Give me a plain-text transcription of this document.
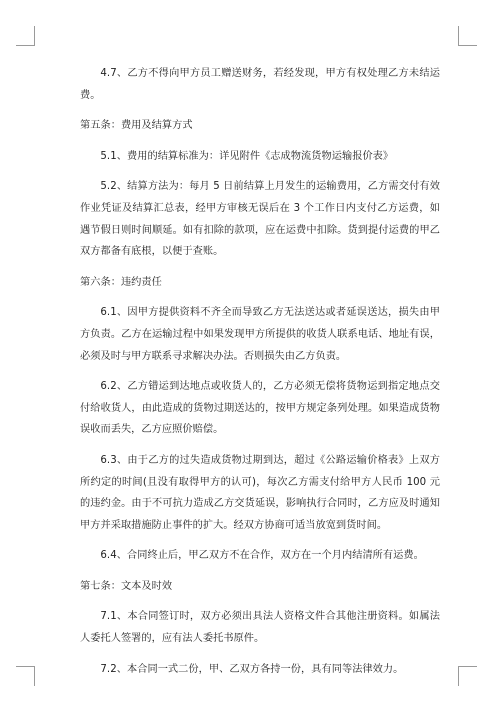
4.7、乙方不得向甲方员工赠送财务，若经发现，甲方有权处理乙方未结运费。

第五条：费用及结算方式

5.1、费用的结算标准为：详见附件《志成物流货物运输报价表》

5.2、结算方法为：每月 5 日前结算上月发生的运输费用，乙方需交付有效作业凭证及结算汇总表，经甲方审核无误后在 3 个工作日内支付乙方运费，如遇节假日则时间顺延。如有扣除的款项，应在运费中扣除。货到提付运费的甲乙双方都备有底根，以便于查账。

第六条：违约责任

6.1、因甲方提供资料不齐全而导致乙方无法送达或者延误送达，损失由甲方负责。乙方在运输过程中如果发现甲方所提供的收货人联系电话、地址有误，必须及时与甲方联系寻求解决办法。否则损失由乙方负责。

6.2、乙方错运到达地点或收货人的，乙方必须无偿将货物运到指定地点交付给收货人，由此造成的货物过期送达的，按甲方规定条列处理。如果造成货物误收而丢失，乙方应照价赔偿。

6.3、由于乙方的过失造成货物过期到达，超过《公路运输价格表》上双方所约定的时间(且没有取得甲方的认可)，每次乙方需支付给甲方人民币 100 元的违约金。由于不可抗力造成乙方交货延误，影响执行合同时，乙方应及时通知甲方并采取措施防止事件的扩大。经双方协商可适当放宽到货时间。

6.4、合同终止后，甲乙双方不在合作，双方在一个月内结清所有运费。

第七条：文本及时效

7.1、本合同签订时，双方必须出具法人资格文件合其他注册资料。如属法人委托人签署的，应有法人委托书原件。

7.2、本合同一式二份，甲、乙双方各持一份，具有同等法律效力。
